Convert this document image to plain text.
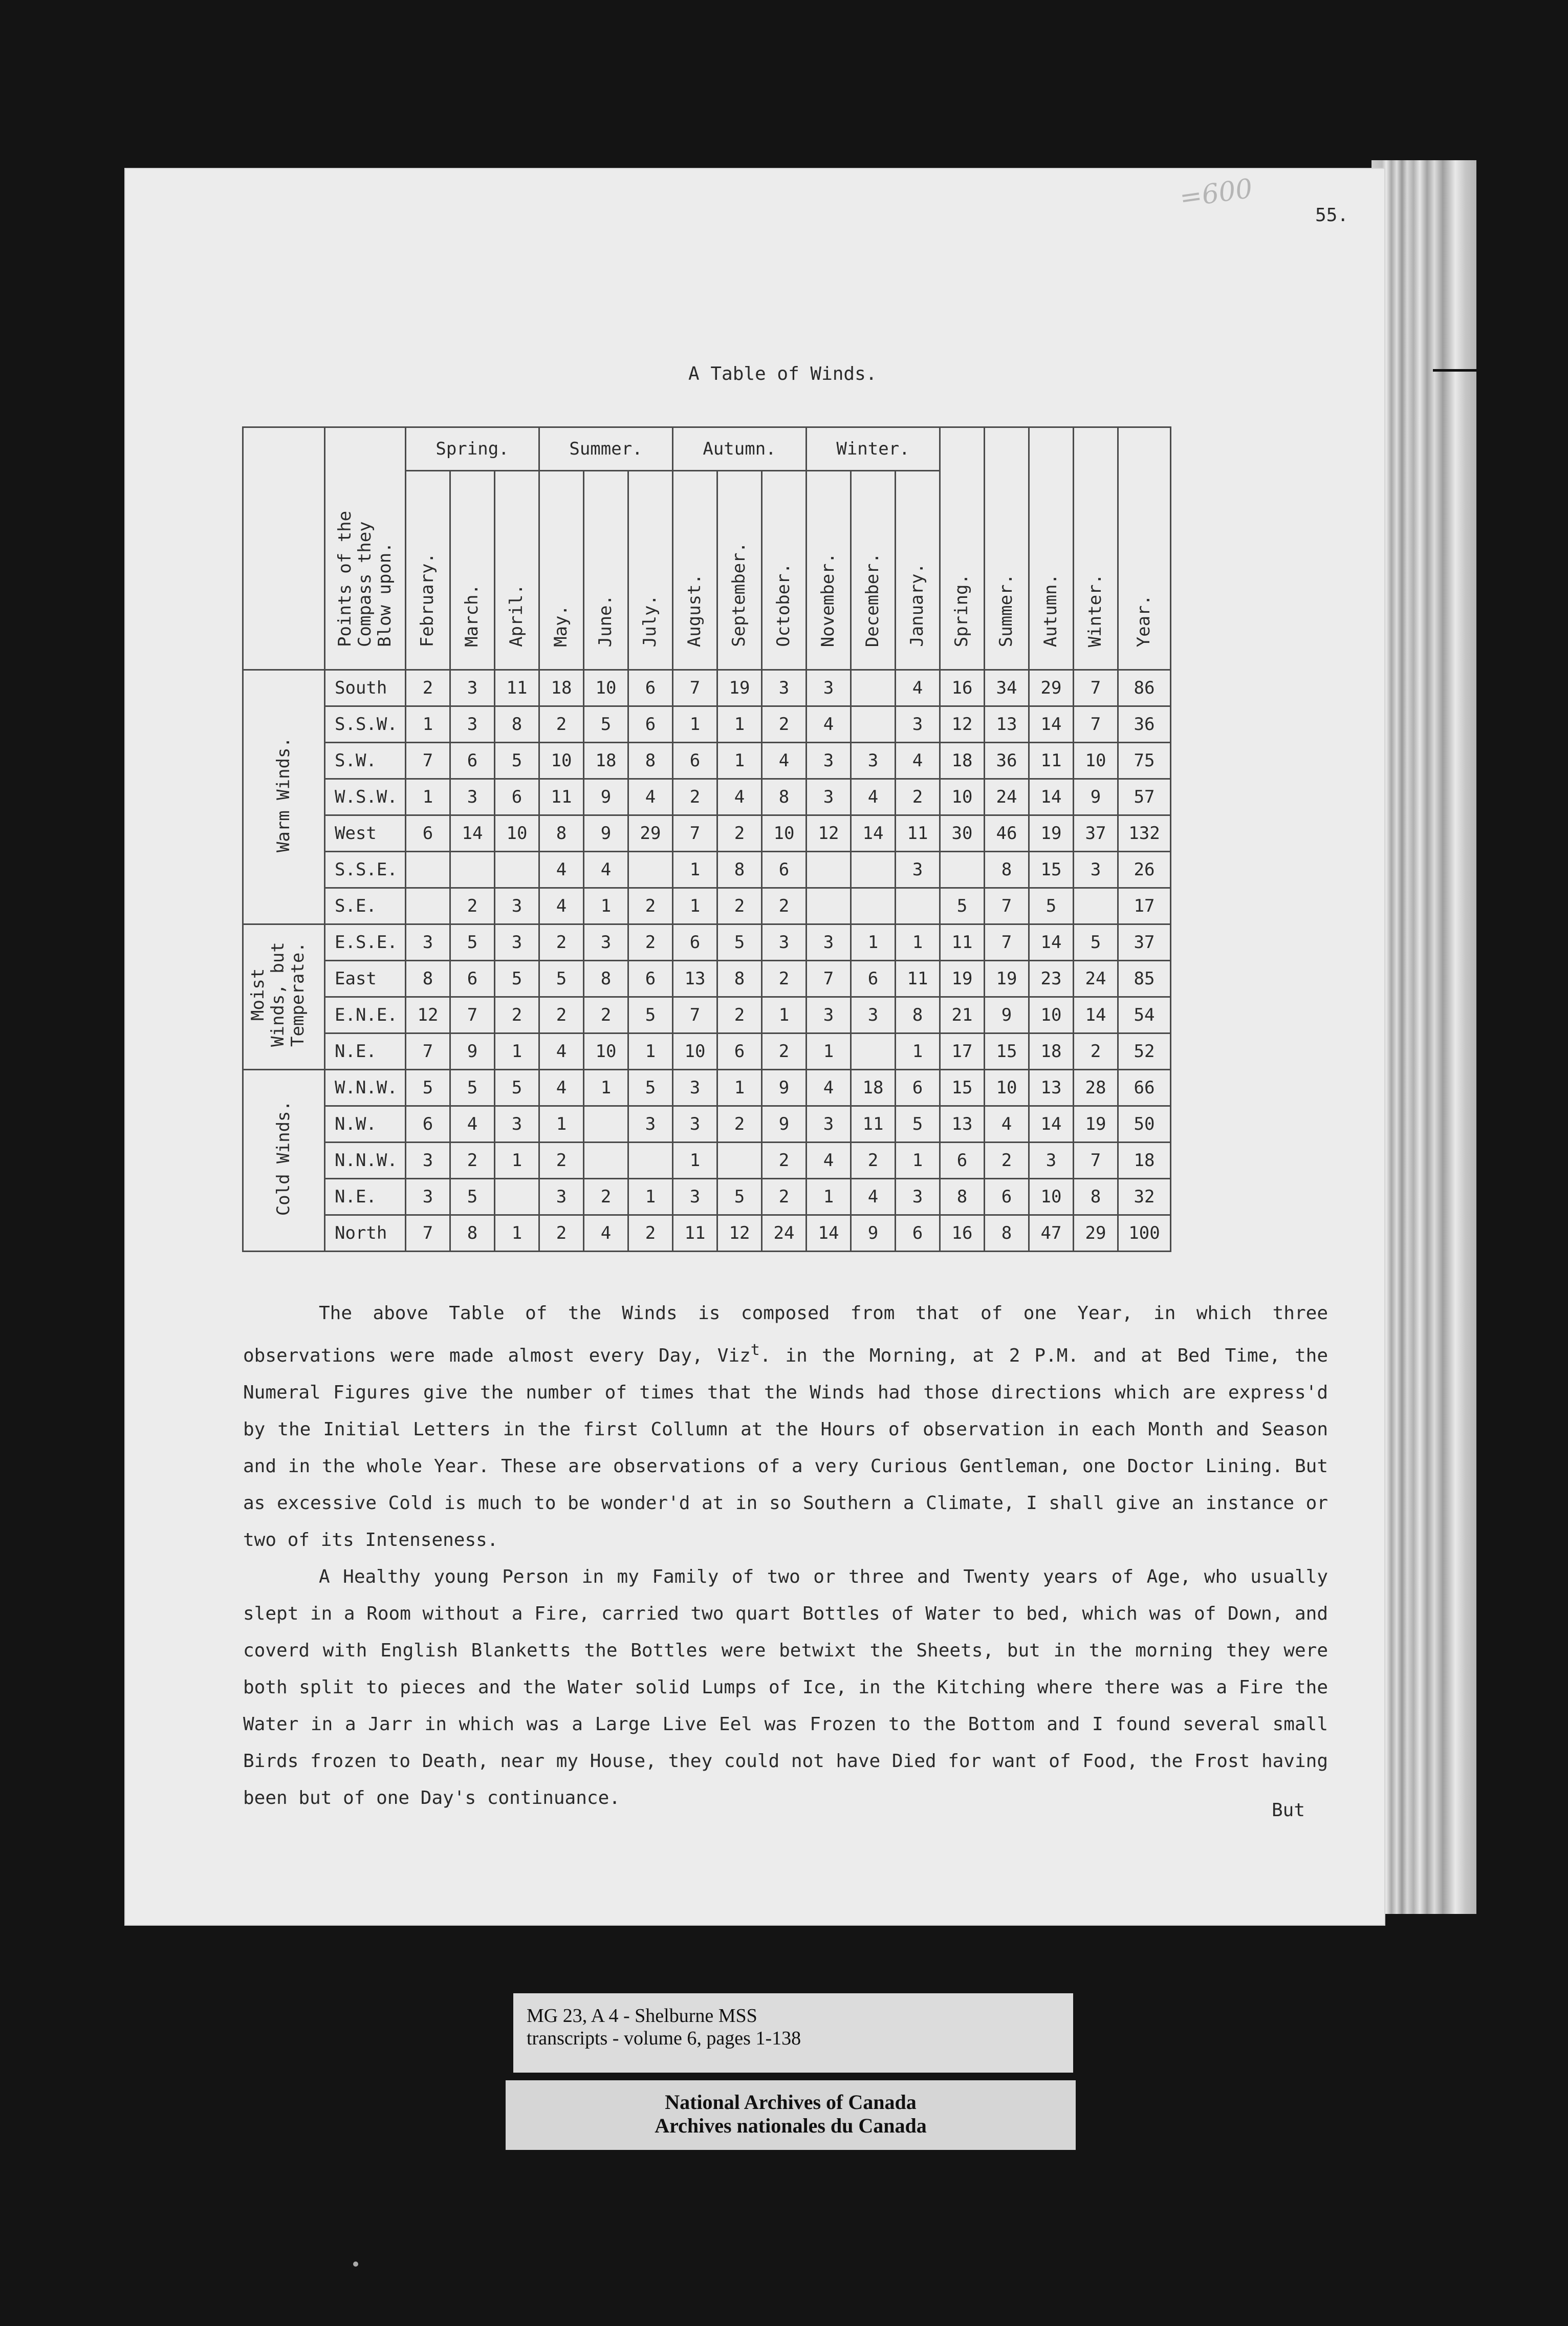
=600
55.
A Table of Winds.
	Points of the Compass they Blow upon.	Spring.			Summer.			Autumn.			Winter.			Spring.	Summer.	Autumn.	Winter.	Year.
		February.	March.	April.	May.	June.	July.	August.	September.	October.	November.	December.	January.					
Warm Winds.	South	2	3	11	18	10	6	7	19	3	3		4	16	34	29	7	86
	S.S.W.	1	3	8	2	5	6	1	1	2	4		3	12	13	14	7	36
	S.W.	7	6	5	10	18	8	6	1	4	3	3	4	18	36	11	10	75
	W.S.W.	1	3	6	11	9	4	2	4	8	3	4	2	10	24	14	9	57
	West	6	14	10	8	9	29	7	2	10	12	14	11	30	46	19	37	132
	S.S.E.				4	4		1	8	6			3		8	15	3	26
	S.E.		2	3	4	1	2	1	2	2				5	7	5		17
Moist Winds, but Temperate.	E.S.E.	3	5	3	2	3	2	6	5	3	3	1	1	11	7	14	5	37
	East	8	6	5	5	8	6	13	8	2	7	6	11	19	19	23	24	85
	E.N.E.	12	7	2	2	2	5	7	2	1	3	3	8	21	9	10	14	54
	N.E.	7	9	1	4	10	1	10	6	2	1		1	17	15	18	2	52
Cold Winds.	W.N.W.	5	5	5	4	1	5	3	1	9	4	18	6	15	10	13	28	66
	N.W.	6	4	3	1		3	3	2	9	3	11	5	13	4	14	19	50
	N.N.W.	3	2	1	2			1		2	4	2	1	6	2	3	7	18
	N.E.	3	5		3	2	1	3	5	2	1	4	3	8	6	10	8	32
	North	7	8	1	2	4	2	11	12	24	14	9	6	16	8	47	29	100

The above Table of the Winds is composed from that of one Year, in which three observations were made almost every Day, Viz$^t$. in the Morning, at 2 P.M. and at Bed Time, the Numeral Figures give the number of times that the Winds had those directions which are express'd by the Initial Letters in the first Collumn at the Hours of observation in each Month and Season and in the whole Year. These are observations of a very Curious Gentleman, one Doctor Lining. But as excessive Cold is much to be wonder'd at in so Southern a Climate, I shall give an instance or two of its Intenseness.

A Healthy young Person in my Family of two or three and Twenty years of Age, who usually slept in a Room without a Fire, carried two quart Bottles of Water to bed, which was of Down, and coverd with English Blanketts the Bottles were betwixt the Sheets, but in the morning they were both split to pieces and the Water solid Lumps of Ice, in the Kitching where there was a Fire the Water in a Jarr in which was a Large Live Eel was Frozen to the Bottom and I found several small Birds frozen to Death, near my House, they could not have Died for want of Food, the Frost having been but of one Day's continuance.

But
MG 23, A 4 - Shelburne MSS
transcripts - volume 6, pages 1-138
National Archives of Canada
Archives nationales du Canada
